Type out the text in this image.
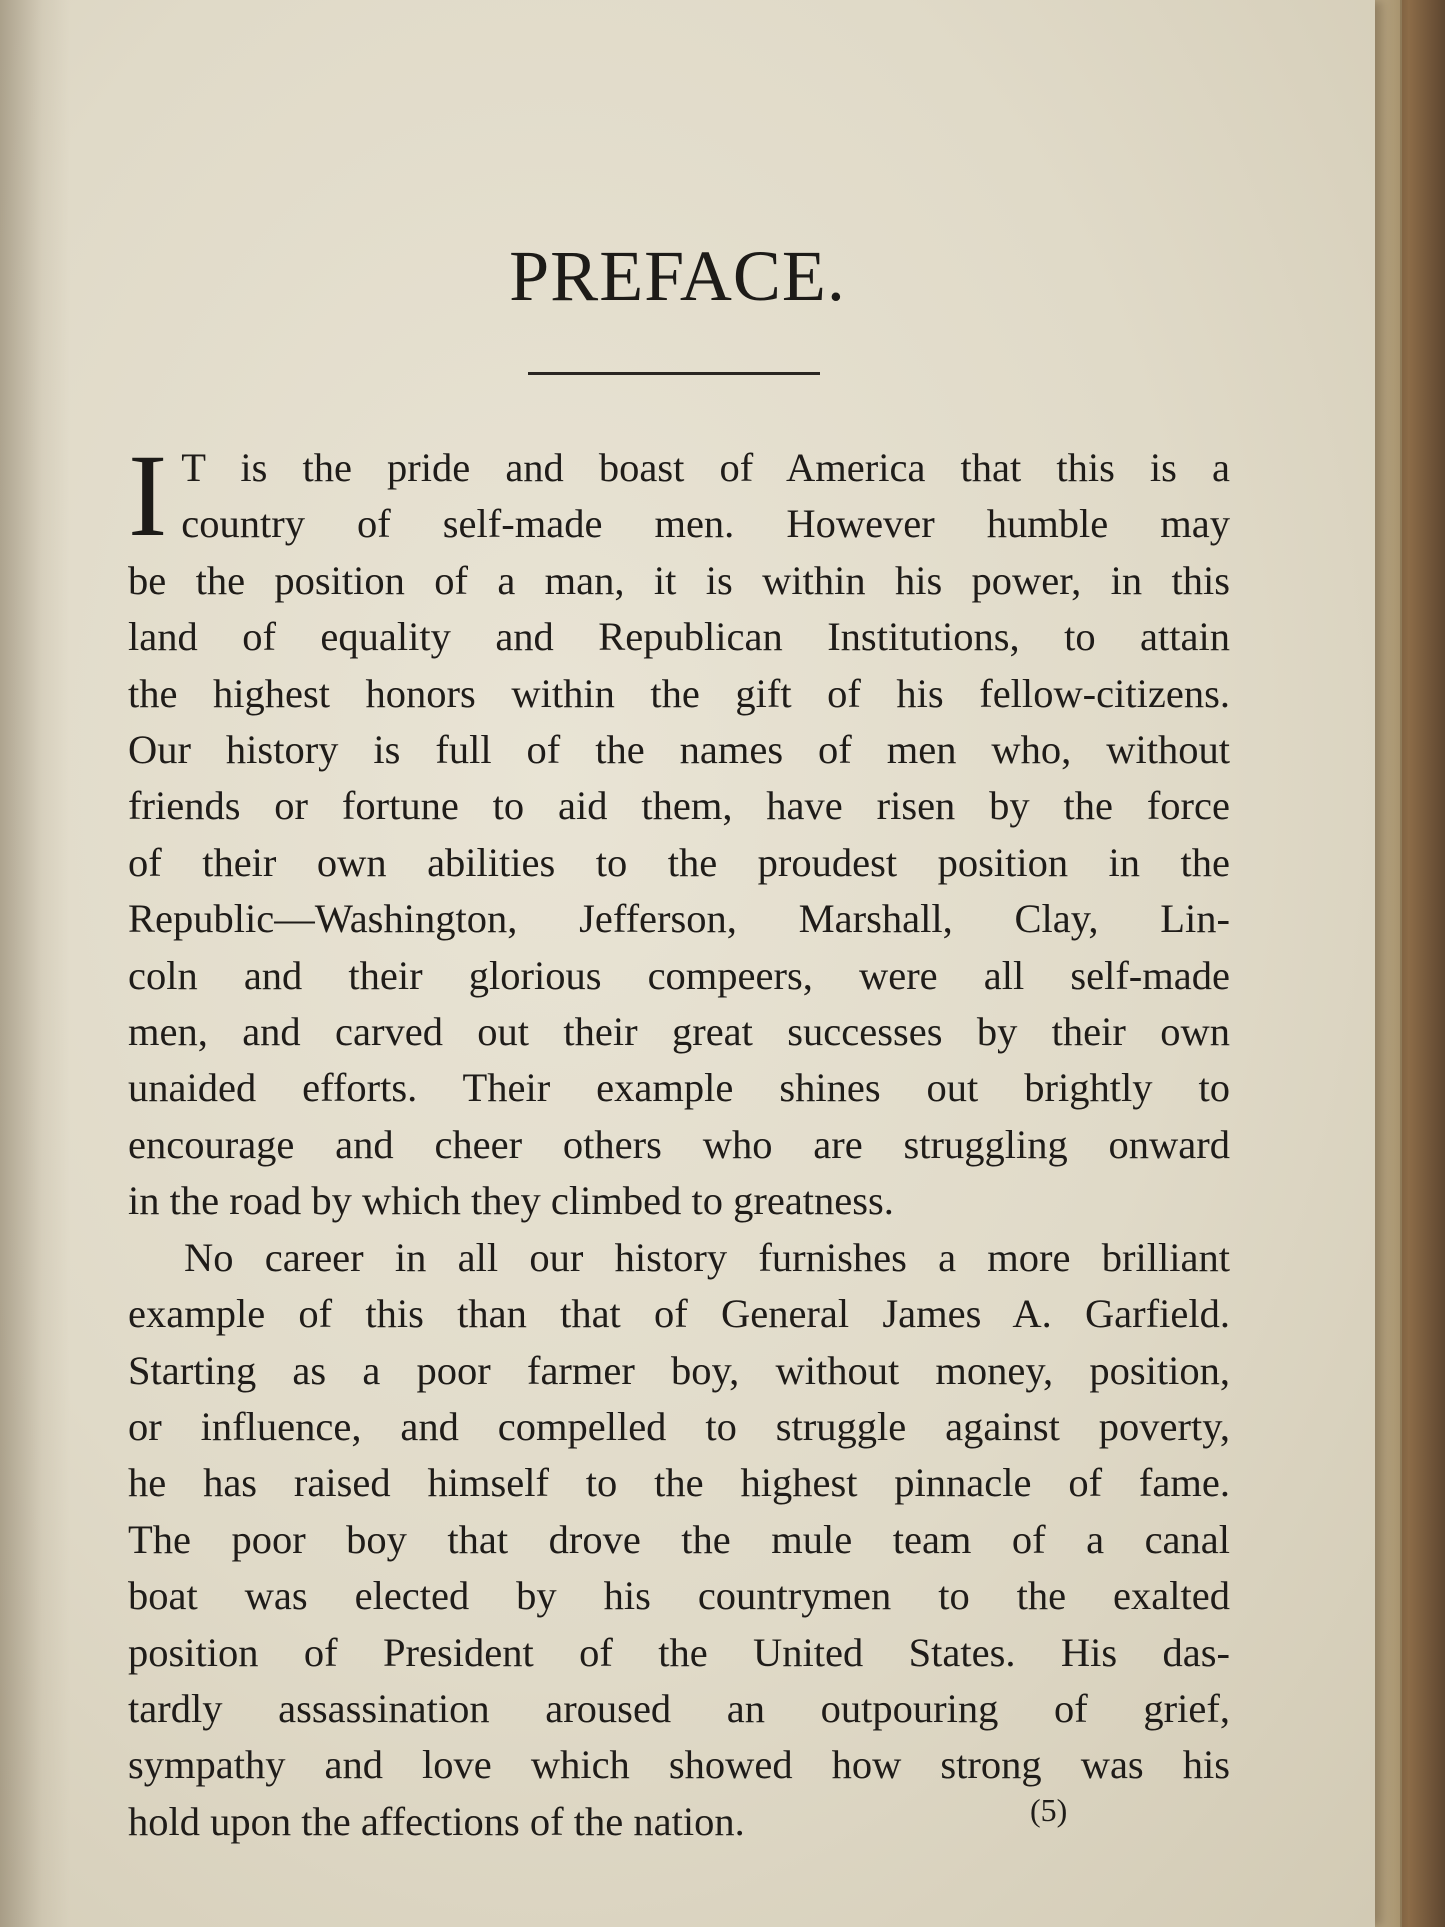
PREFACE.
I T is the pride and boast of America that this is a
country of self-made men. However humble may
be the position of a man, it is within his power, in this
land of equality and Republican Institutions, to attain
the highest honors within the gift of his fellow-citizens.
Our history is full of the names of men who, without
friends or fortune to aid them, have risen by the force
of their own abilities to the proudest position in the
Republic—Washington, Jefferson, Marshall, Clay, Lin-
coln and their glorious compeers, were all self-made
men, and carved out their great successes by their own
unaided efforts. Their example shines out brightly to
encourage and cheer others who are struggling onward
in the road by which they climbed to greatness.
No career in all our history furnishes a more brilliant
example of this than that of General James A. Garfield.
Starting as a poor farmer boy, without money, position,
or influence, and compelled to struggle against poverty,
he has raised himself to the highest pinnacle of fame.
The poor boy that drove the mule team of a canal
boat was elected by his countrymen to the exalted
position of President of the United States. His das-
tardly assassination aroused an outpouring of grief,
sympathy and love which showed how strong was his
hold upon the affections of the nation.	(5)
